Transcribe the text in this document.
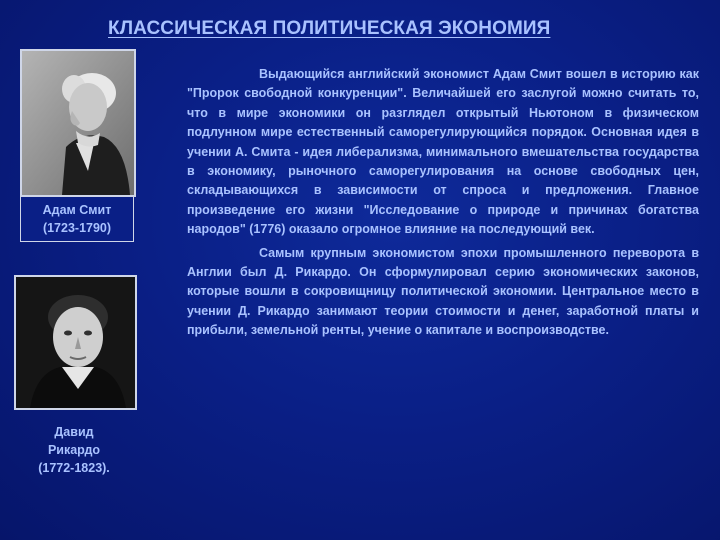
КЛАССИЧЕСКАЯ ПОЛИТИЧЕСКАЯ ЭКОНОМИЯ
Адам Смит
(1723-1790)
Давид
Рикардо
(1772-1823).

Выдающийся английский экономист Адам Смит вошел в историю как "Пророк свободной конкуренции". Величайшей его заслугой можно считать то, что в мире экономики он разглядел открытый Ньютоном в физическом подлунном мире естественный саморегулирующийся порядок. Основная идея в учении А. Смита - идея либерализма, минимального вмешательства государства в экономику, рыночного саморегулирования на основе свободных цен, складывающихся в зависимости от спроса и предложения. Главное произведение его жизни "Исследование о природе и причинах богатства народов" (1776) оказало огромное влияние на последующий век.

Самым крупным экономистом эпохи промышленного переворота в Англии был Д. Рикардо. Он сформулировал серию экономических законов, которые вошли в сокровищницу политической экономии. Центральное место в учении Д. Рикардо занимают теории стоимости и денег, заработной платы и прибыли, земельной ренты, учение о капитале и воспроизводстве.
